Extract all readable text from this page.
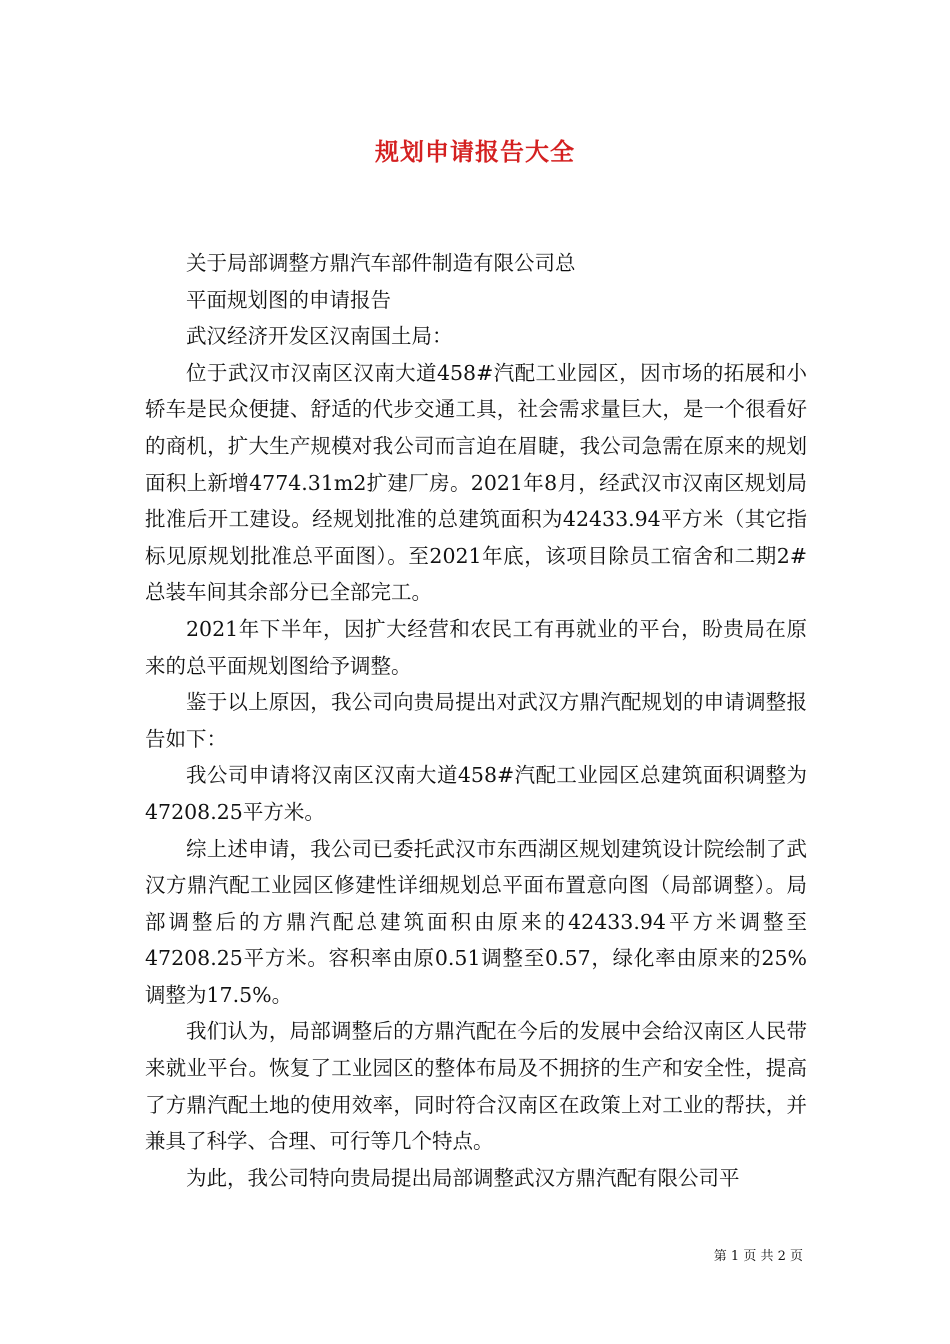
规划申请报告大全

关于局部调整方鼎汽车部件制造有限公司总

平面规划图的申请报告

武汉经济开发区汉南国土局：

位于武汉市汉南区汉南大道458#汽配工业园区，因市场的拓展和小轿车是民众便捷、舒适的代步交通工具，社会需求量巨大，是一个很看好的商机，扩大生产规模对我公司而言迫在眉睫，我公司急需在原来的规划面积上新增4774.31m2扩建厂房。2021年8月，经武汉市汉南区规划局批准后开工建设。经规划批准的总建筑面积为42433.94平方米（其它指标见原规划批准总平面图）。至2021年底，该项目除员工宿舍和二期2#总装车间其余部分已全部完工。

2021年下半年，因扩大经营和农民工有再就业的平台，盼贵局在原来的总平面规划图给予调整。

鉴于以上原因，我公司向贵局提出对武汉方鼎汽配规划的申请调整报告如下：

我公司申请将汉南区汉南大道458#汽配工业园区总建筑面积调整为47208.25平方米。

综上述申请，我公司已委托武汉市东西湖区规划建筑设计院绘制了武汉方鼎汽配工业园区修建性详细规划总平面布置意向图（局部调整）。局部调整后的方鼎汽配总建筑面积由原来的42433.94平方米调整至47208.25平方米。容积率由原0.51调整至0.57，绿化率由原来的25%调整为17.5%。

我们认为，局部调整后的方鼎汽配在今后的发展中会给汉南区人民带来就业平台。恢复了工业园区的整体布局及不拥挤的生产和安全性，提高了方鼎汽配土地的使用效率，同时符合汉南区在政策上对工业的帮扶，并兼具了科学、合理、可行等几个特点。

为此，我公司特向贵局提出局部调整武汉方鼎汽配有限公司平

第 1 页 共 2 页
